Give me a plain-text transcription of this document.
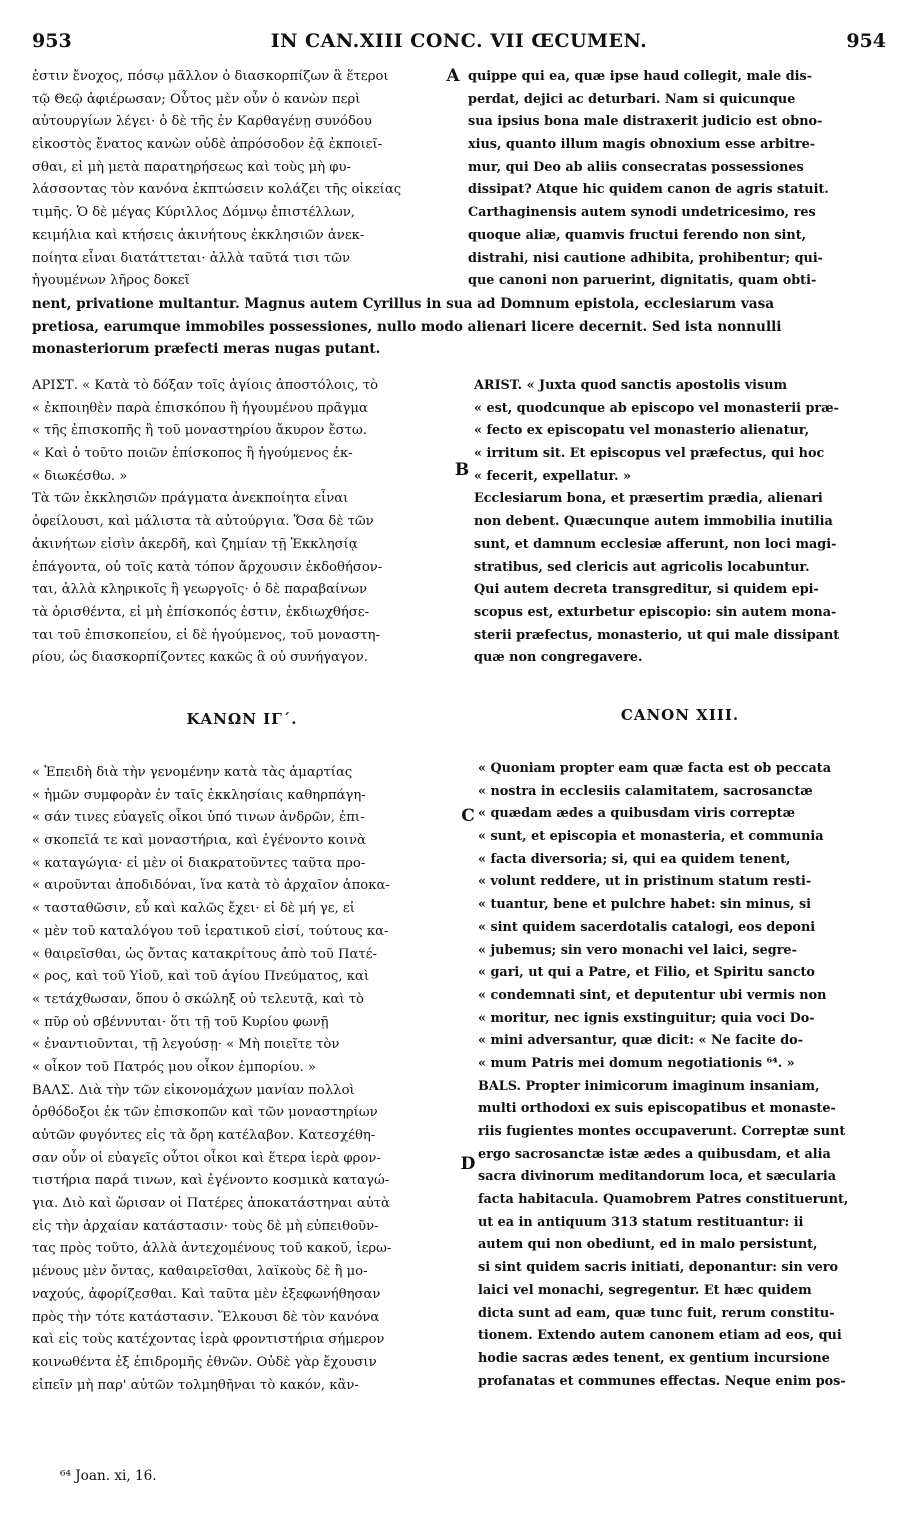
953	IN CAN.XIII CONC. VII ŒCUMEN.	954
ἐστιν ἔνοχος, πόσῳ μᾶλλον ὁ διασκορπίζων ἃ ἕτεροι
τῷ Θεῷ ἀφιέρωσαν; Οὗτος μὲν οὖν ὁ κανὼν περὶ
αὐτουργίων λέγει· ὁ δὲ τῆς ἐν Καρθαγένῃ συνόδου
εἰκοστὸς ἔνατος κανὼν οὐδὲ ἀπρόσοδον ἐᾷ ἐκποιεῖ-
σθαι, εἰ μὴ μετὰ παρατηρήσεως καὶ τοὺς μὴ φυ-
λάσσοντας τὸν κανόνα ἐκπτώσειν κολάζει τῆς οἰκείας
τιμῆς. Ὁ δὲ μέγας Κύριλλος Δόμνῳ ἐπιστέλλων,
κειμήλια καὶ κτήσεις ἀκινήτους ἐκκλησιῶν ἀνεκ-
ποίητα εἶναι διατάττεται· ἀλλὰ ταῦτά τισι τῶν
ἡγουμένων λῆρος δοκεῖ
quippe qui ea, quæ ipse haud collegit, male dis-
perdat, dejici ac deturbari. Nam si quicunque
sua ipsius bona male distraxerit judicio est obno-
xius, quanto illum magis obnoxium esse arbitre-
mur, qui Deo ab aliis consecratas possessiones
dissipat? Atque hic quidem canon de agris statuit.
Carthaginensis autem synodi undetricesimo, res
quoque aliæ, quamvis fructui ferendo non sint,
distrahi, nisi cautione adhibita, prohibentur; qui-
que canoni non paruerint, dignitatis, quam obti-
nent, privatione multantur. Magnus autem Cyrillus in sua ad Domnum epistola, ecclesiarum vasa
pretiosa, earumque immobiles possessiones, nullo modo alienari licere decernit. Sed ista nonnulli
monasteriorum præfecti meras nugas putant.
ΑΡΙΣΤ. « Κατὰ τὸ δόξαν τοῖς ἁγίοις ἀποστόλοις, τὸ
« ἐκποιηθὲν παρὰ ἐπισκόπου ἢ ἡγουμένου πρᾶγμα
« τῆς ἐπισκοπῆς ἢ τοῦ μοναστηρίου ἄκυρον ἔστω.
« Καὶ ὁ τοῦτο ποιῶν ἐπίσκοπος ἢ ἡγούμενος ἐκ-
« διωκέσθω. »
Τὰ τῶν ἐκκλησιῶν πράγματα ἀνεκποίητα εἶναι
ὀφείλουσι, καὶ μάλιστα τὰ αὐτούργια. Ὅσα δὲ τῶν
ἀκινήτων εἰσὶν ἀκερδῆ, καὶ ζημίαν τῇ Ἐκκλησίᾳ
ἐπάγοντα, οὐ τοῖς κατὰ τόπον ἄρχουσιν ἐκδοθήσον-
ται, ἀλλὰ κληρικοῖς ἢ γεωργοῖς· ὁ δὲ παραβαίνων
τὰ ὁρισθέντα, εἰ μὴ ἐπίσκοπός ἐστιν, ἐκδιωχθήσε-
ται τοῦ ἐπισκοπείου, εἰ δὲ ἡγούμενος, τοῦ μοναστη-
ρίου, ὡς διασκορπίζοντες κακῶς ἃ οὐ συνήγαγον.
ARIST. « Juxta quod sanctis apostolis visum
« est, quodcunque ab episcopo vel monasterii præ-
« fecto ex episcopatu vel monasterio alienatur,
« irritum sit. Et episcopus vel præfectus, qui hoc
« fecerit, expellatur. »
Ecclesiarum bona, et præsertim prædia, alienari
non debent. Quæcunque autem immobilia inutilia
sunt, et damnum ecclesiæ afferunt, non loci magi-
stratibus, sed clericis aut agricolis locabuntur.
Qui autem decreta transgreditur, si quidem epi-
scopus est, exturbetur episcopio: sin autem mona-
sterii præfectus, monasterio, ut qui male dissipant
quæ non congregavere.
ΚΑΝΩΝ ΙΓ΄.	CANON XIII.
« Ἐπειδὴ διὰ τὴν γενομένην κατὰ τὰς ἁμαρτίας
« ἡμῶν συμφορὰν ἐν ταῖς ἐκκλησίαις καθηρπάγη-
« σάν τινες εὐαγεῖς οἶκοι ὑπό τινων ἀνδρῶν, ἐπι-
« σκοπεῖά τε καὶ μοναστήρια, καὶ ἐγένοντο κοινὰ
« καταγώγια· εἰ μὲν οἱ διακρατοῦντες ταῦτα προ-
« αιροῦνται ἀποδιδόναι, ἵνα κατὰ τὸ ἀρχαῖον ἀποκα-
« τασταθῶσιν, εὖ καὶ καλῶς ἔχει· εἰ δὲ μή γε, εἰ
« μὲν τοῦ καταλόγου τοῦ ἱερατικοῦ εἰσί, τούτους κα-
« θαιρεῖσθαι, ὡς ὄντας κατακρίτους ἀπὸ τοῦ Πατέ-
« ρος, καὶ τοῦ Υἱοῦ, καὶ τοῦ ἁγίου Πνεύματος, καὶ
« τετάχθωσαν, ὅπου ὁ σκώληξ οὐ τελευτᾷ, καὶ τὸ
« πῦρ οὐ σβέννυται· ὅτι τῇ τοῦ Κυρίου φωνῇ
« ἐναντιοῦνται, τῇ λεγούσῃ· « Μὴ ποιεῖτε τὸν
« οἶκον τοῦ Πατρός μου οἶκον ἐμπορίου. »
ΒΑΛΣ. Διὰ τὴν τῶν εἰκονομάχων μανίαν πολλοὶ
ὀρθόδοξοι ἐκ τῶν ἐπισκοπῶν καὶ τῶν μοναστηρίων
αὐτῶν φυγόντες εἰς τὰ ὄρη κατέλαβον. Κατεσχέθη-
σαν οὖν οἱ εὐαγεῖς οὗτοι οἶκοι καὶ ἕτερα ἱερὰ φρον-
τιστήρια παρά τινων, καὶ ἐγένοντο κοσμικὰ καταγώ-
για. Διὸ καὶ ὥρισαν οἱ Πατέρες ἀποκατάστηναι αὐτὰ
εἰς τὴν ἀρχαίαν κατάστασιν· τοὺς δὲ μὴ εὐπειθοῦν-
τας πρὸς τοῦτο, ἀλλὰ ἀντεχομένους τοῦ κακοῦ, ἱερω-
μένους μὲν ὄντας, καθαιρεῖσθαι, λαϊκοὺς δὲ ἢ μο-
ναχούς, ἀφορίζεσθαι. Καὶ ταῦτα μὲν ἐξεφωνήθησαν
πρὸς τὴν τότε κατάστασιν. Ἕλκουσι δὲ τὸν κανόνα
καὶ εἰς τοὺς κατέχοντας ἱερὰ φροντιστήρια σήμερον
κοινωθέντα ἐξ ἐπιδρομῆς ἐθνῶν. Οὐδὲ γὰρ ἔχουσιν
εἰπεῖν μὴ παρ' αὐτῶν τολμηθῆναι τὸ κακόν, κἂν-
« Quoniam propter eam quæ facta est ob peccata
« nostra in ecclesiis calamitatem, sacrosanctæ
« quædam ædes a quibusdam viris correptæ
« sunt, et episcopia et monasteria, et communia
« facta diversoria; si, qui ea quidem tenent,
« volunt reddere, ut in pristinum statum resti-
« tuantur, bene et pulchre habet: sin minus, si
« sint quidem sacerdotalis catalogi, eos deponi
« jubemus; sin vero monachi vel laici, segre-
« gari, ut qui a Patre, et Filio, et Spiritu sancto
« condemnati sint, et deputentur ubi vermis non
« moritur, nec ignis exstinguitur; quia voci Do-
« mini adversantur, quæ dicit: « Ne facite do-
« mum Patris mei domum negotiationis ⁶⁴. »
BALS. Propter inimicorum imaginum insaniam,
multi orthodoxi ex suis episcopatibus et monaste-
riis fugientes montes occupaverunt. Correptæ sunt
ergo sacrosanctæ istæ ædes a quibusdam, et alia
sacra divinorum meditandorum loca, et sæcularia
facta habitacula. Quamobrem Patres constituerunt,
ut ea in antiquum 313 statum restituantur: ii
autem qui non obediunt, ed in malo persistunt,
si sint quidem sacris initiati, deponantur: sin vero
laici vel monachi, segregentur. Et hæc quidem
dicta sunt ad eam, quæ tunc fuit, rerum constitu-
tionem. Extendo autem canonem etiam ad eos, qui
hodie sacras ædes tenent, ex gentium incursione
profanatas et communes effectas. Neque enim pos-
A
B
C
D
⁶⁴ Joan. xi, 16.
